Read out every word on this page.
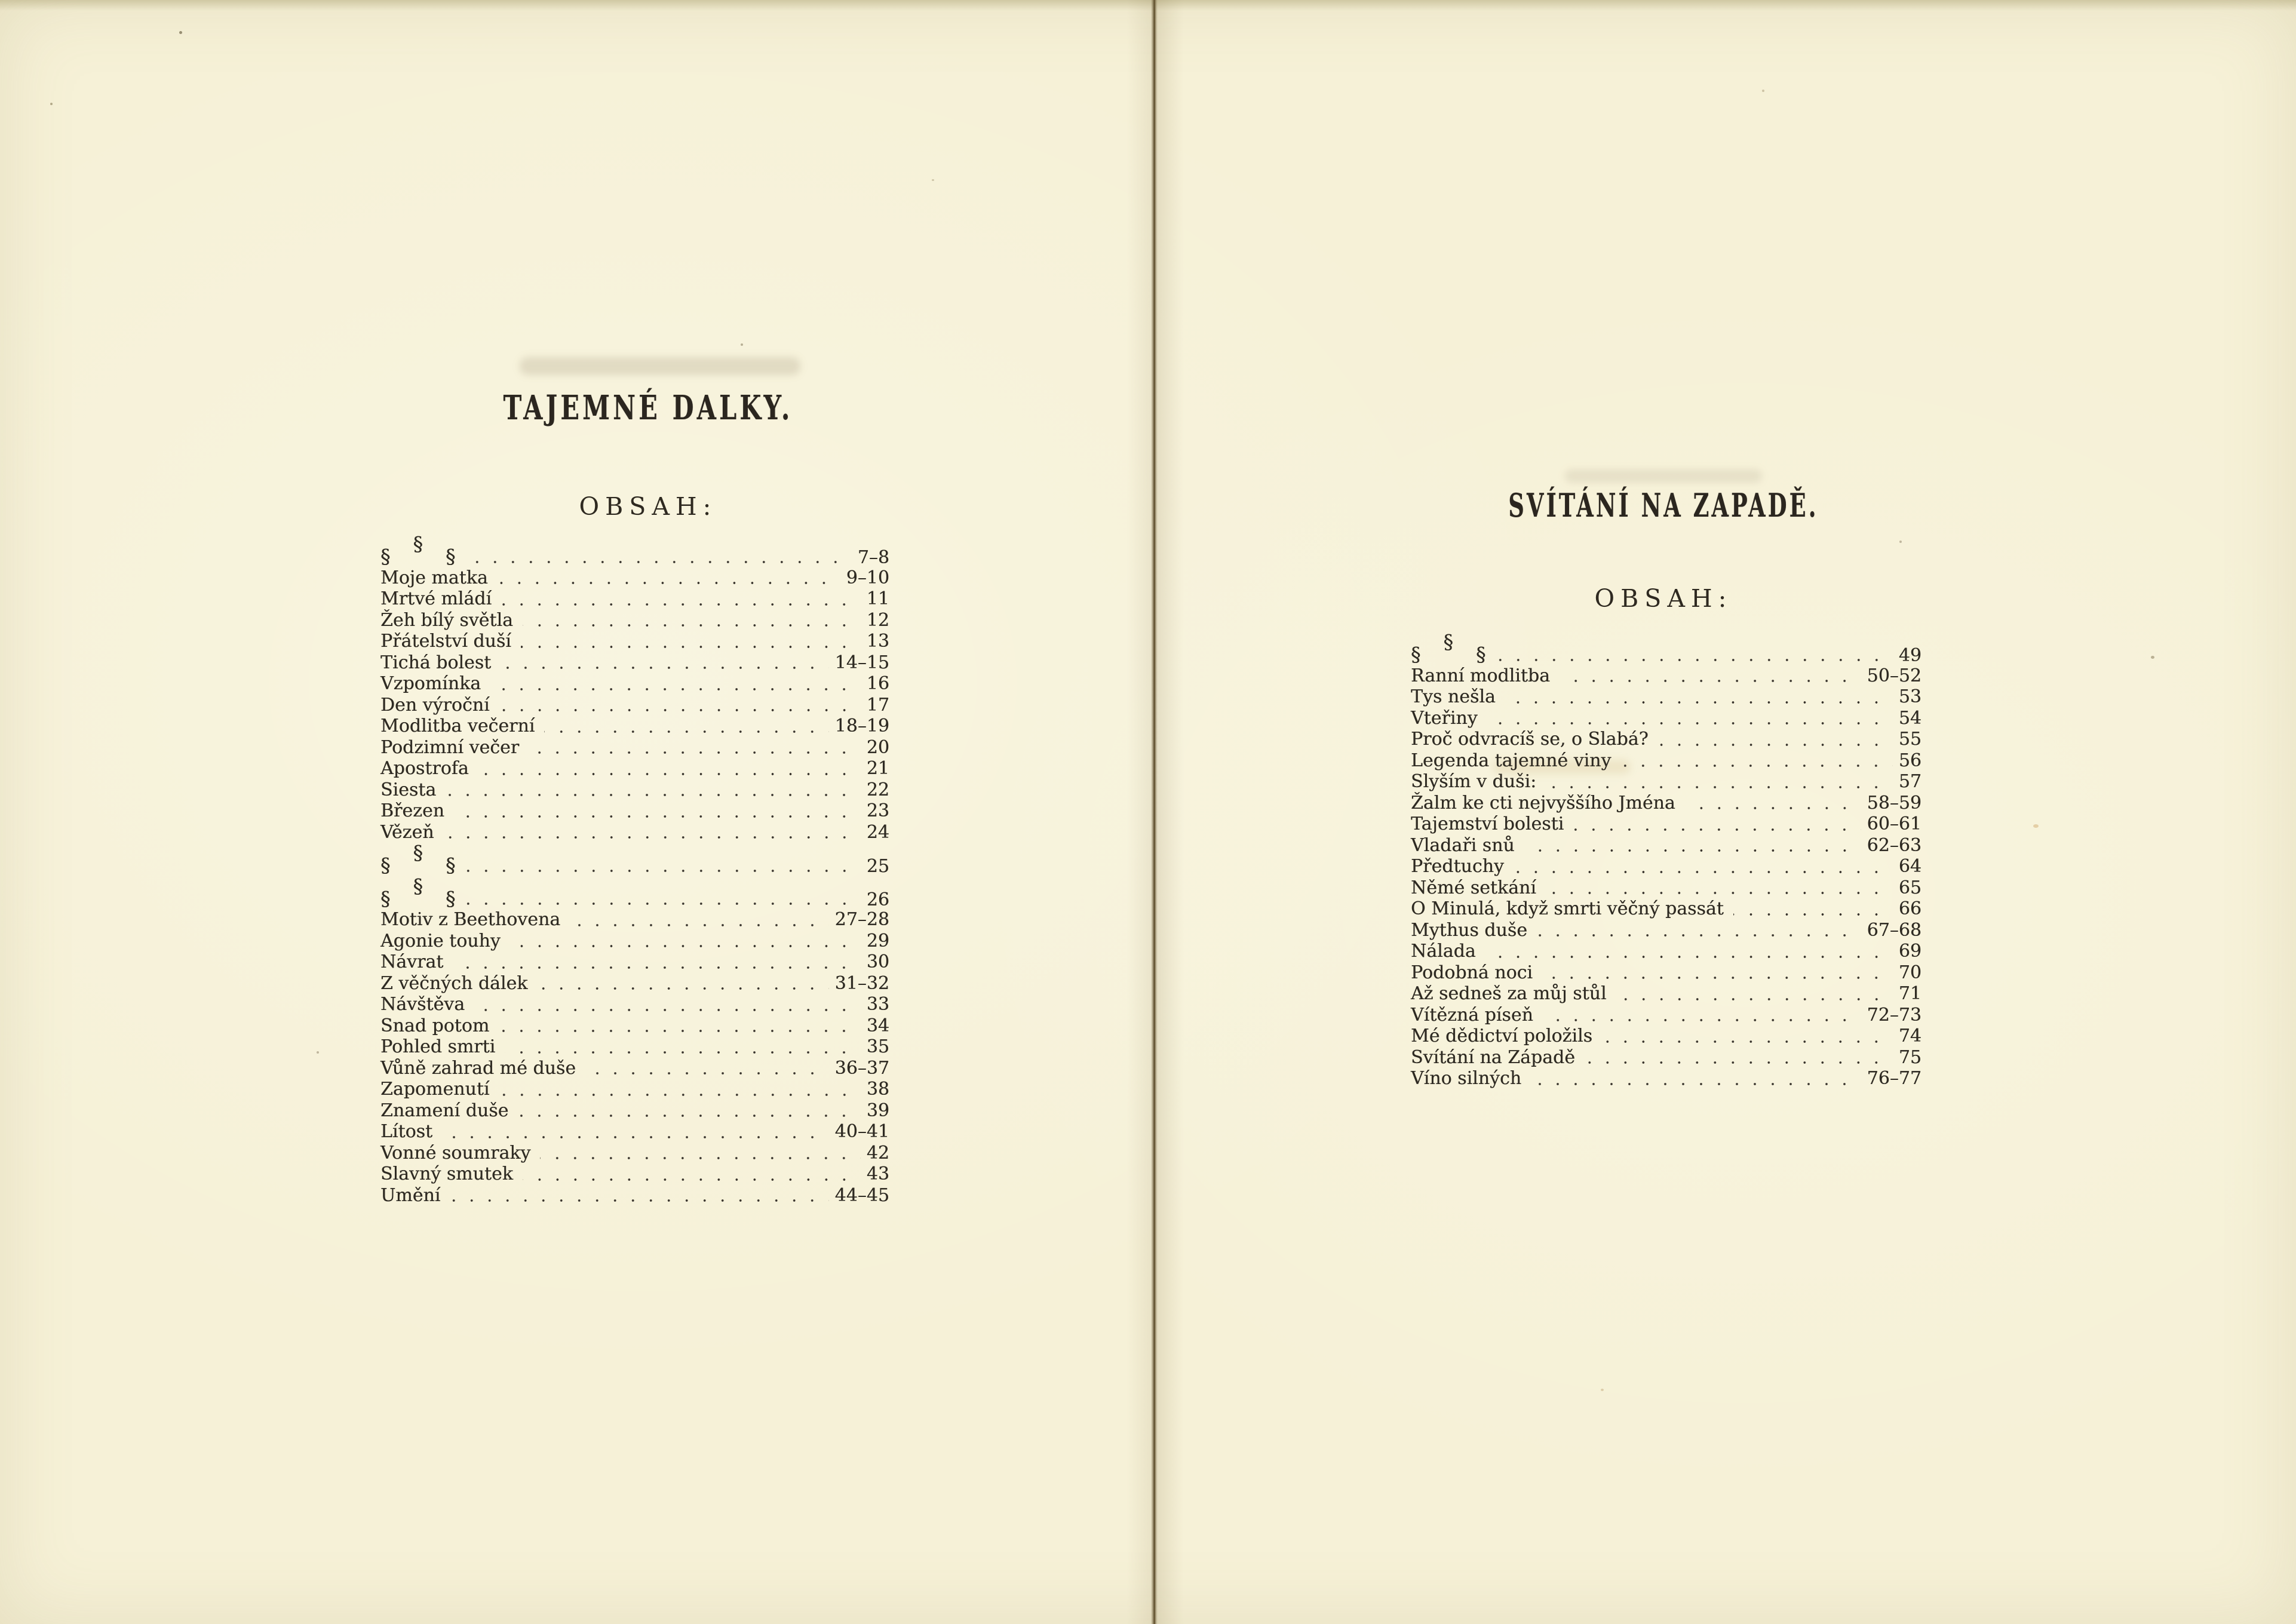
TAJEMNÉ DALKY.
OBSAH:
§§§	7–8
Moje matka	9–10
Mrtvé mládí	11
Žeh bílý světla	12
Přátelství duší	13
Tichá bolest	14–15
Vzpomínka	16
Den výroční	17
Modlitba večerní	18–19
Podzimní večer	20
Apostrofa	21
Siesta	22
Březen	23
Vězeň	24
§§§	25
§§§	26
Motiv z Beethovena	27–28
Agonie touhy	29
Návrat	30
Z věčných dálek	31–32
Návštěva	33
Snad potom	34
Pohled smrti	35
Vůně zahrad mé duše	36–37
Zapomenutí	38
Znamení duše	39
Lítost	40–41
Vonné soumraky	42
Slavný smutek	43
Umění	44–45
SVÍTÁNÍ NA ZAPADĚ.
OBSAH:
§§§	49
Ranní modlitba	50–52
Tys nešla	53
Vteřiny	54
Proč odvracíš se, o Slabá?	55
Legenda tajemné viny	56
Slyším v duši:	57
Žalm ke cti nejvyššího Jména	58–59
Tajemství bolesti	60–61
Vladaři snů	62–63
Předtuchy	64
Němé setkání	65
O Minulá, když smrti věčný passát	66
Mythus duše	67–68
Nálada	69
Podobná noci	70
Až sedneš za můj stůl	71
Vítězná píseň	72–73
Mé dědictví položils	74
Svítání na Západě	75
Víno silných	76–77
